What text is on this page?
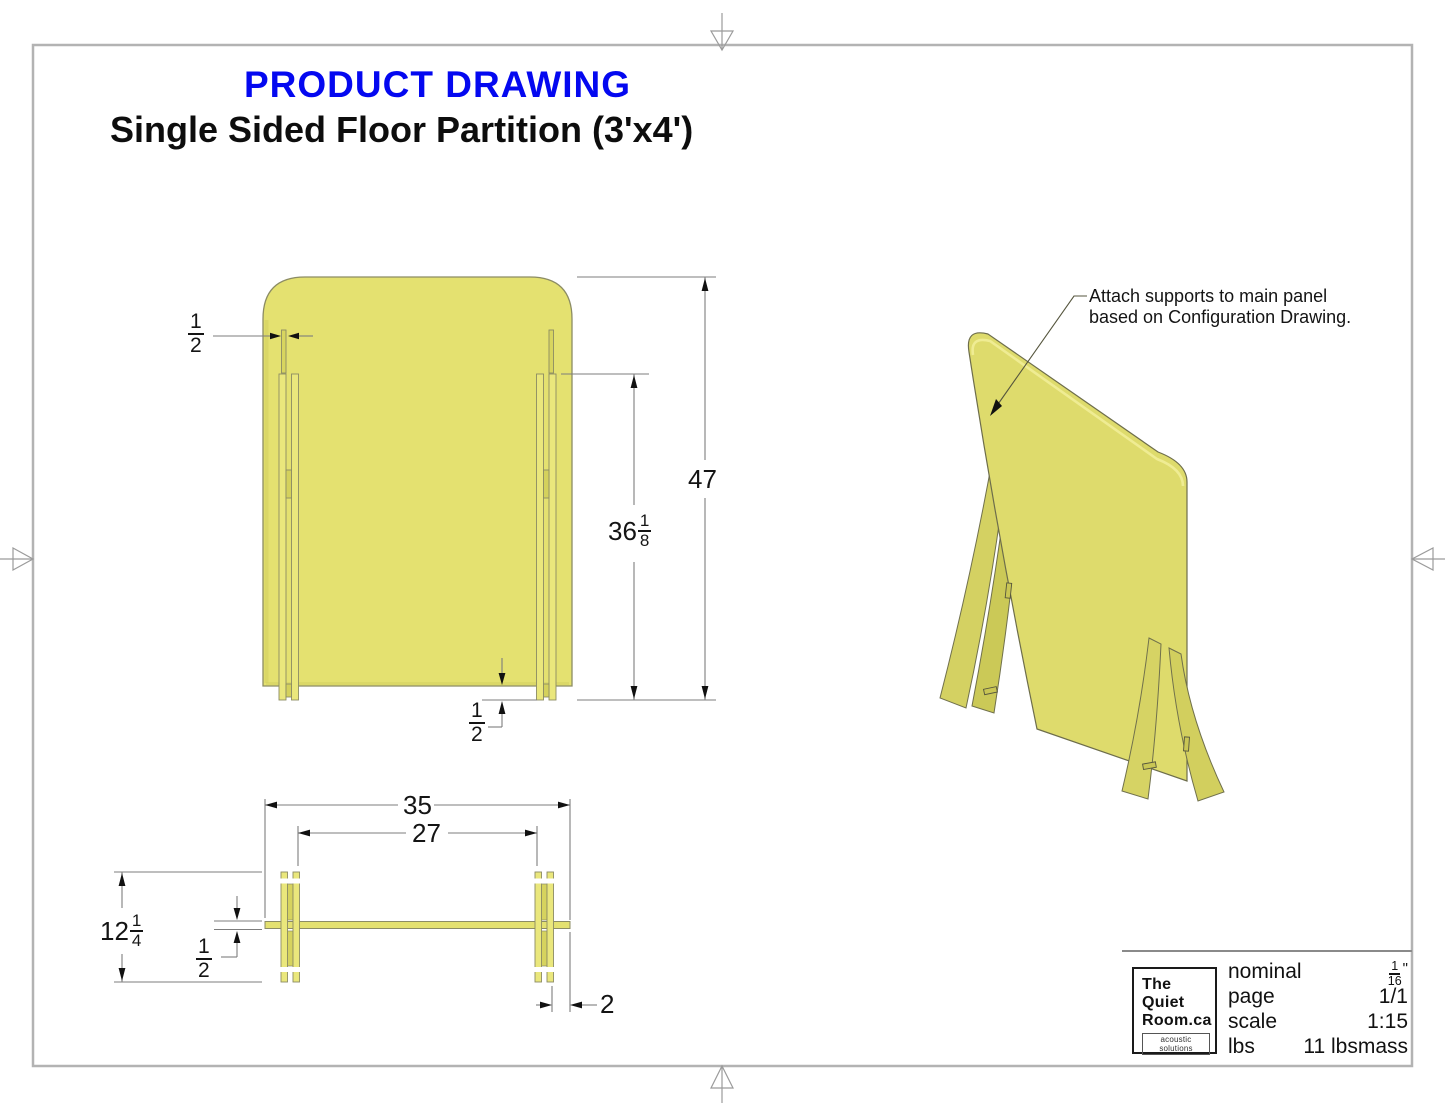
PRODUCT DRAWING
Single Sided Floor Partition (3'x4')
$\frac{1}{2}$
47
$36 \frac{1}{8}$
$\frac{1}{2}$
35
27
$12 \frac{1}{4}$
$\frac{1}{2}$
2
Attach supports to main panel
based on Configuration Drawing.
The
Quiet
Room.ca
acoustic solutions
nominal	$\frac{1}{16}$ "
page	1/1
scale	1:15
lbs 11 lbsmass
